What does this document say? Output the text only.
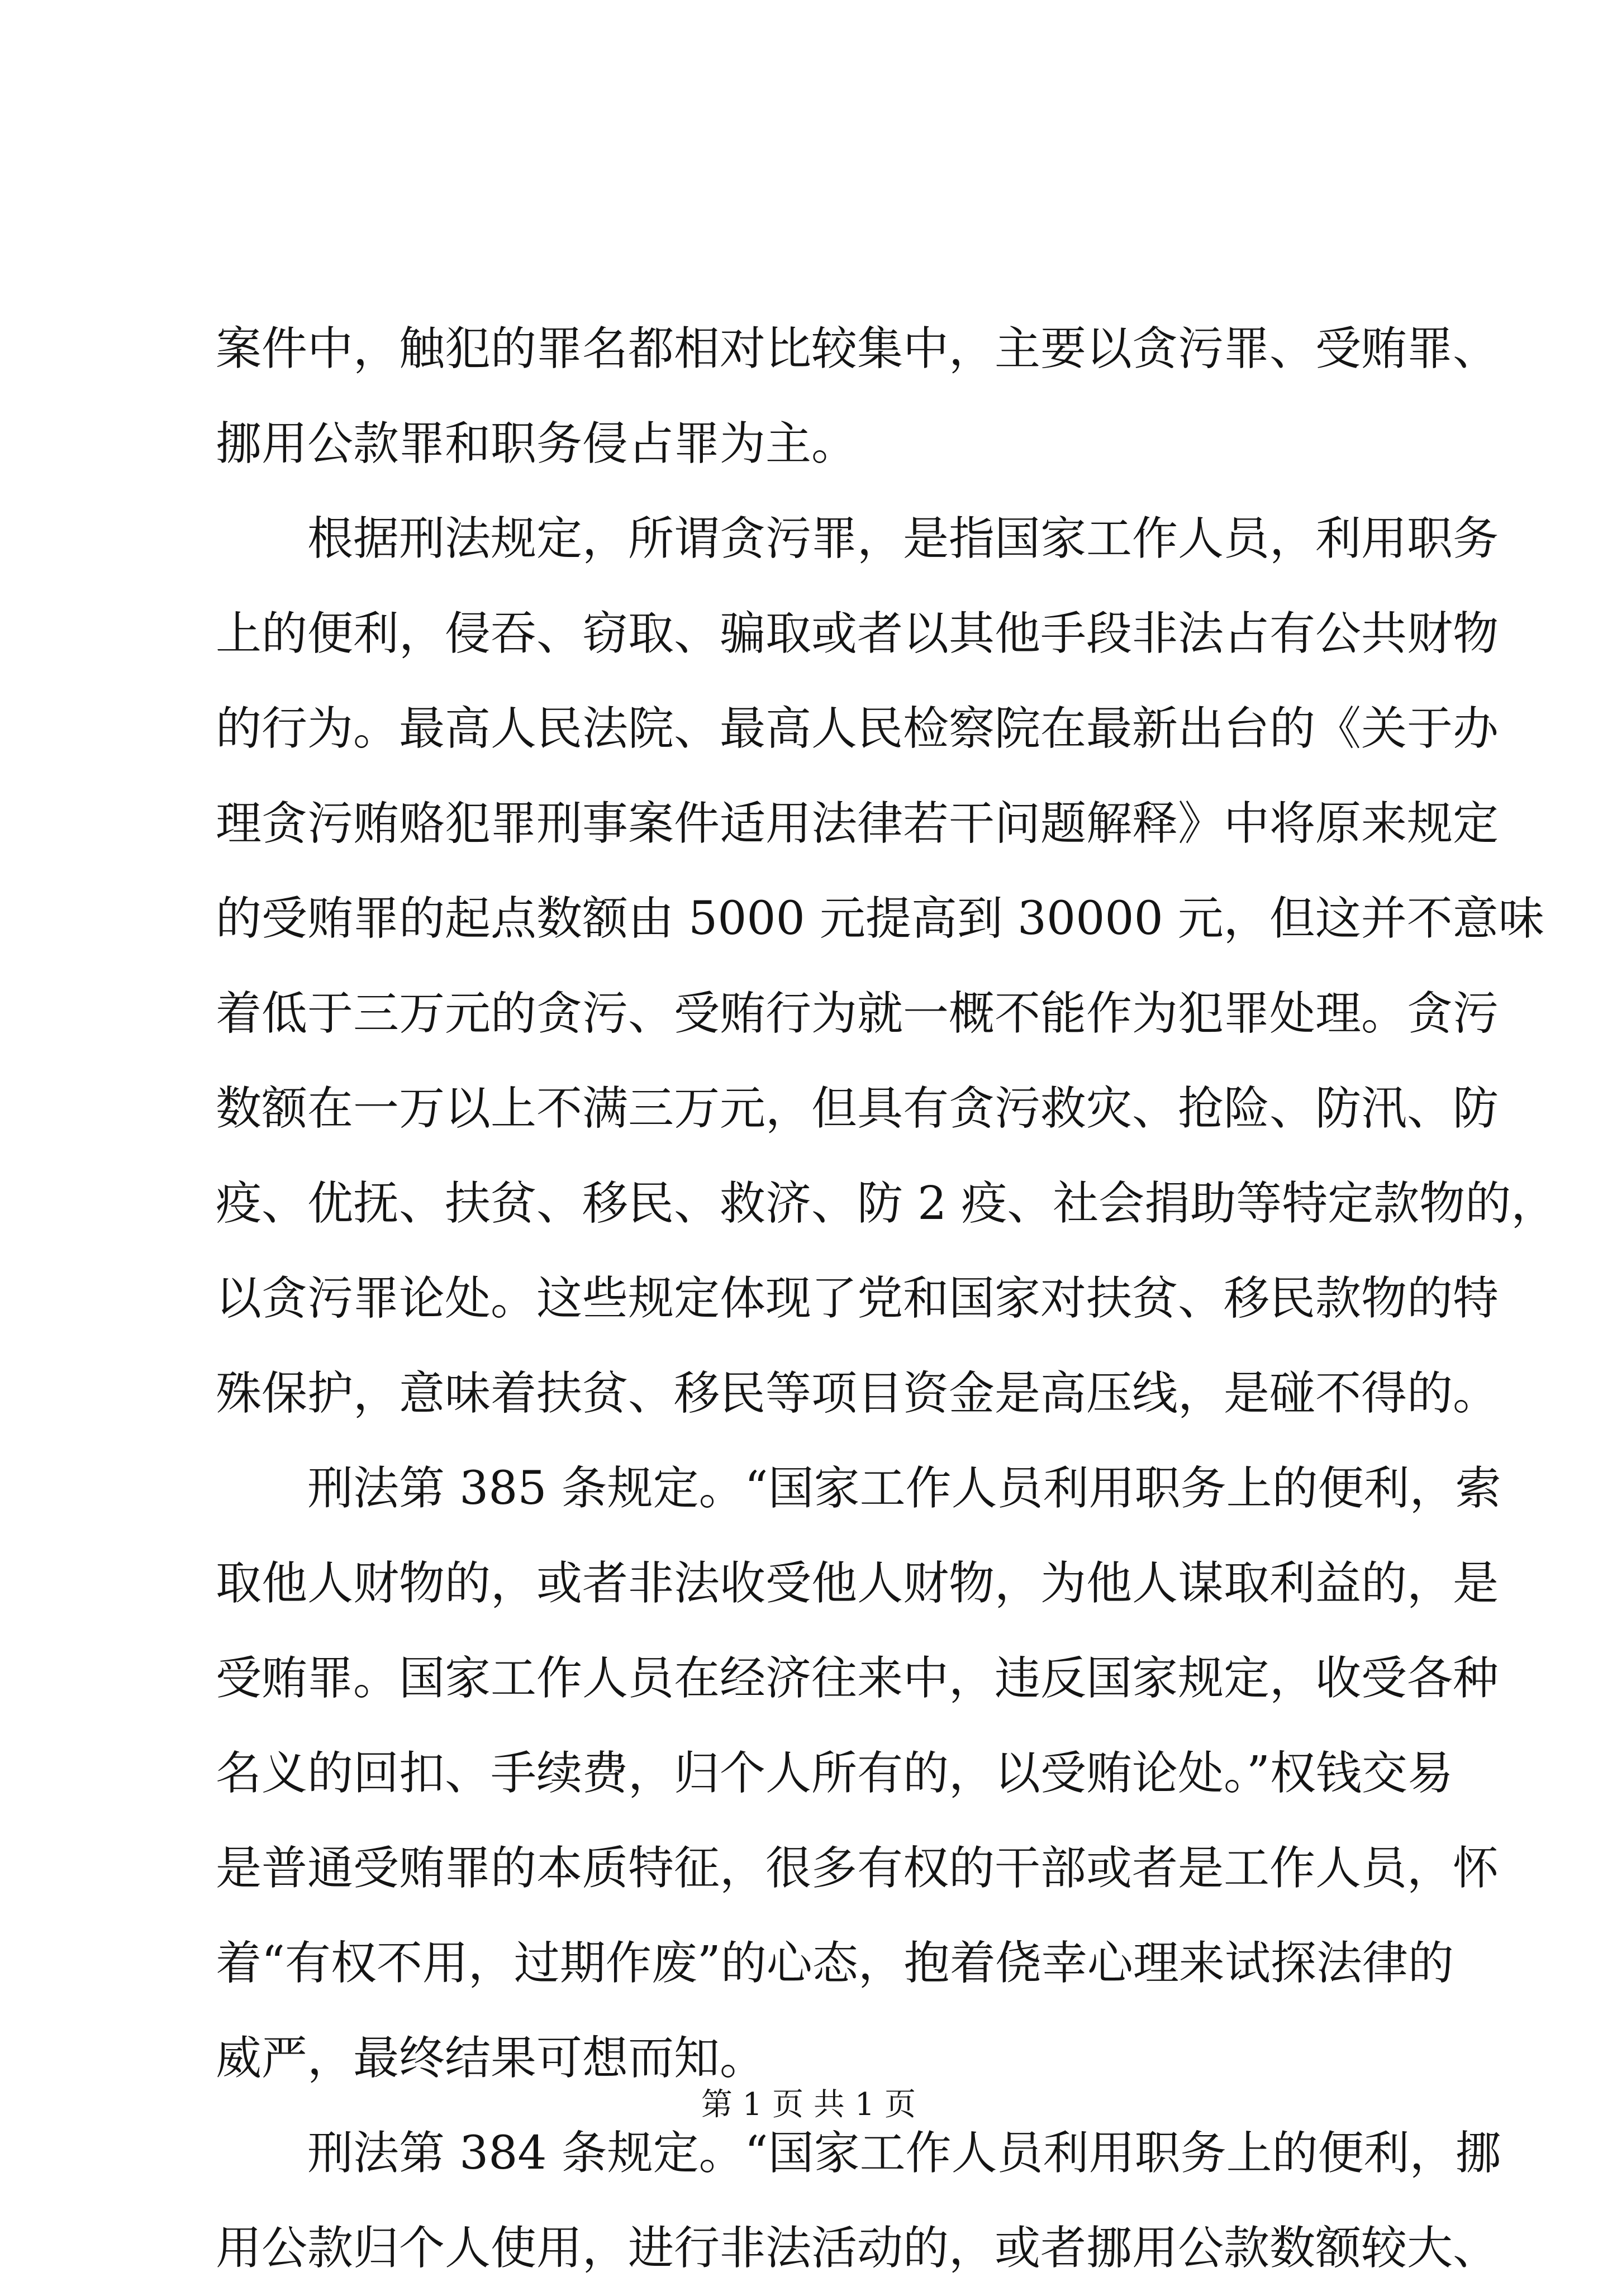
案件中，触犯的罪名都相对比较集中，主要以贪污罪、受贿罪、
挪用公款罪和职务侵占罪为主。
根据刑法规定，所谓贪污罪，是指国家工作人员，利用职务
上的便利，侵吞、窃取、骗取或者以其他手段非法占有公共财物
的行为。最高人民法院、最高人民检察院在最新出台的《关于办
理贪污贿赂犯罪刑事案件适用法律若干问题解释》中将原来规定
的受贿罪的起点数额由 5000 元提高到 30000 元，但这并不意味
着低于三万元的贪污、受贿行为就一概不能作为犯罪处理。贪污
数额在一万以上不满三万元，但具有贪污救灾、抢险、防汛、防
疫、优抚、扶贫、移民、救济、防 2 疫、社会捐助等特定款物的，
以贪污罪论处。这些规定体现了党和国家对扶贫、移民款物的特
殊保护，意味着扶贫、移民等项目资金是高压线，是碰不得的。
刑法第 385 条规定。“国家工作人员利用职务上的便利，索
取他人财物的，或者非法收受他人财物，为他人谋取利益的，是
受贿罪。国家工作人员在经济往来中，违反国家规定，收受各种
名义的回扣、手续费，归个人所有的，以受贿论处。”权钱交易
是普通受贿罪的本质特征，很多有权的干部或者是工作人员，怀
着“有权不用，过期作废”的心态，抱着侥幸心理来试探法律的
威严，最终结果可想而知。
刑法第 384 条规定。“国家工作人员利用职务上的便利，挪
用公款归个人使用，进行非法活动的，或者挪用公款数额较大、
第 1 页 共 1 页
